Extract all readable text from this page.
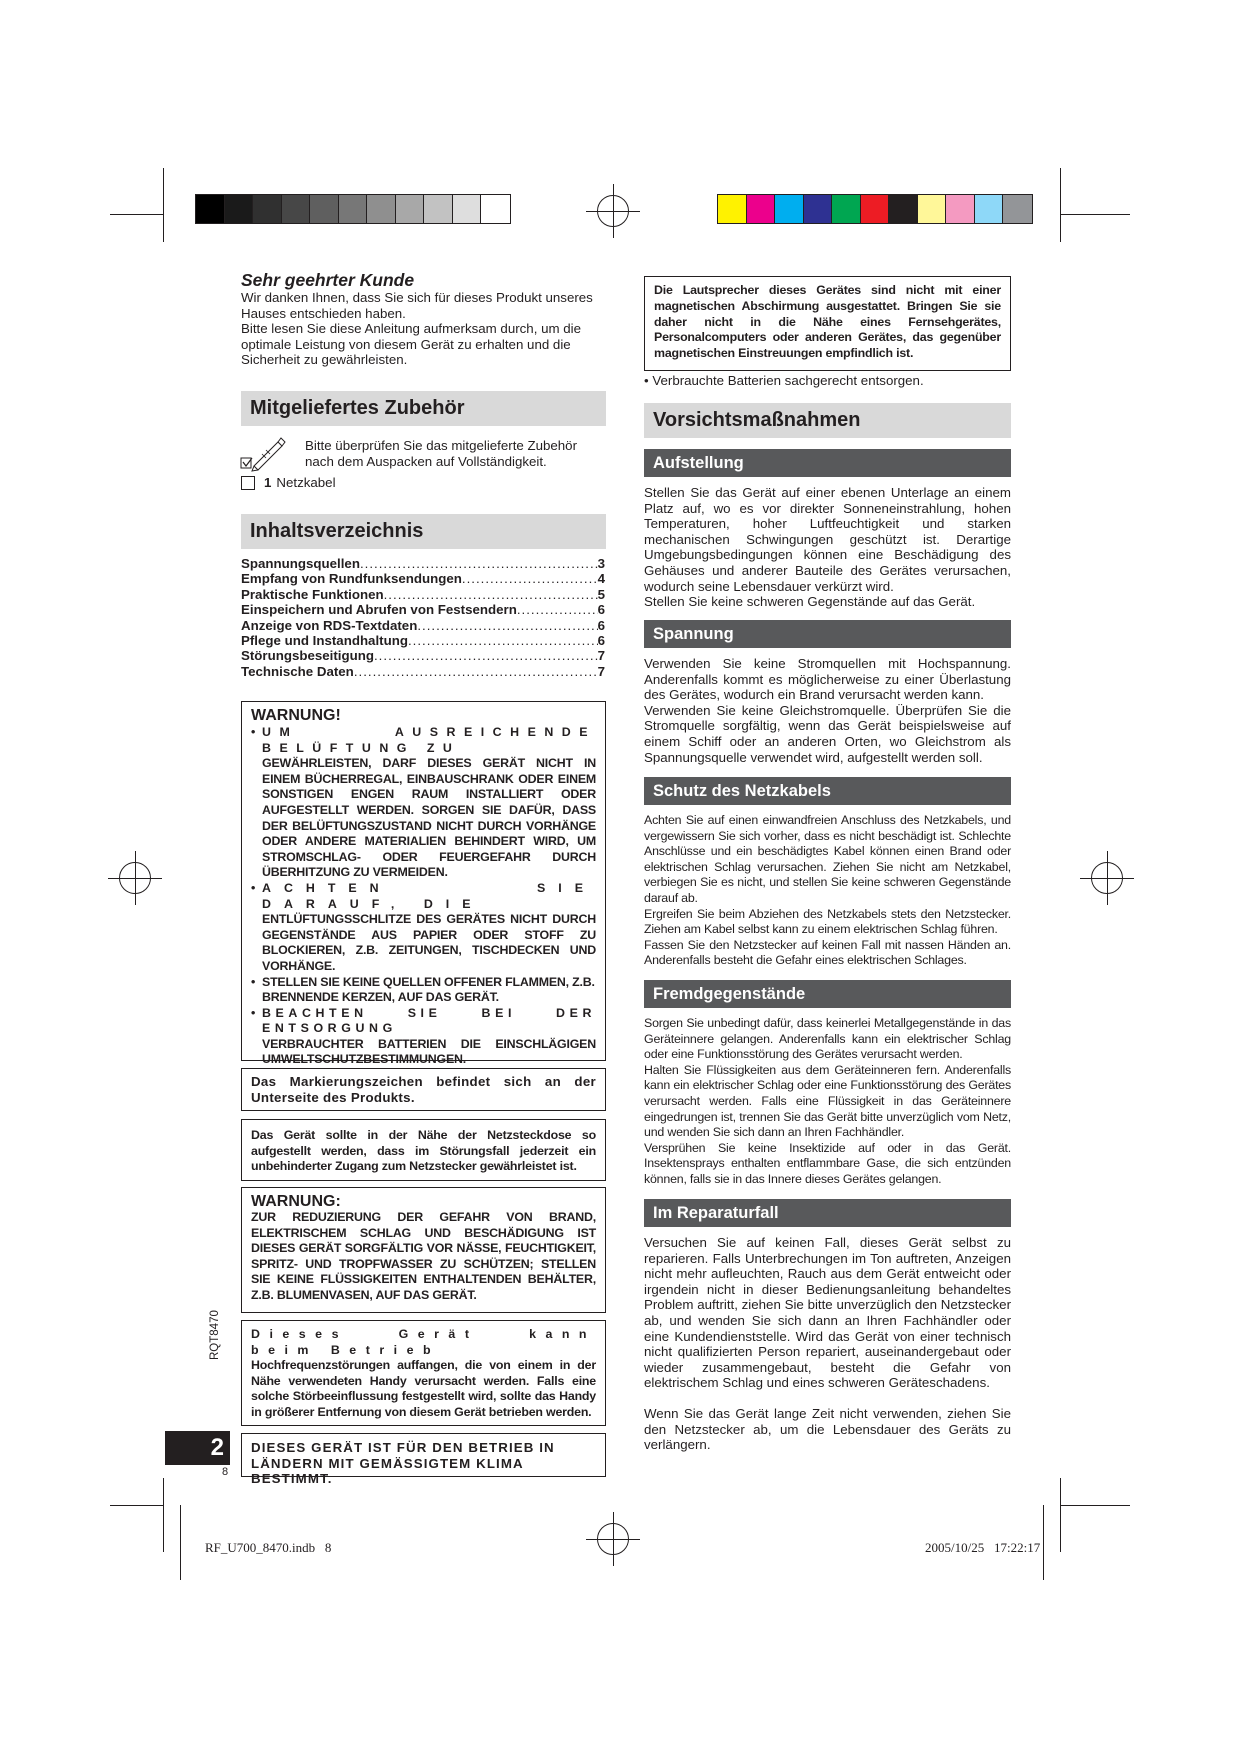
RF_U700_8470.indb   8	2005/10/25   17:22:17
Sehr geehrter Kunde
Wir danken Ihnen, dass Sie sich für dieses Produkt unseres Hauses entschieden haben.
Bitte lesen Sie diese Anleitung aufmerksam durch, um die optimale Leistung von diesem Gerät zu erhalten und die Sicherheit zu gewährleisten.
Mitgeliefertes Zubehör
Bitte überprüfen Sie das mitgelieferte Zubehör nach dem Auspacken auf Vollständigkeit.
1 Netzkabel
Inhaltsverzeichnis
Spannungsquellen .....	3
Empfang von Rundfunksendungen .....	4
Praktische Funktionen .....	5
Einspeichern und Abrufen von Festsendern .....	6
Anzeige von RDS-Textdaten .....	6
Pflege und Instandhaltung .....	6
Störungsbeseitigung .....	7
Technische Daten .....	7
WARNUNG!
• UM AUSREICHENDE BELÜFTUNG ZU
GEWÄHRLEISTEN, DARF DIESES GERÄT NICHT IN EINEM BÜCHERREGAL, EINBAUSCHRANK ODER EINEM SONSTIGEN ENGEN RAUM INSTALLIERT ODER AUFGESTELLT WERDEN. SORGEN SIE DAFÜR, DASS DER BELÜFTUNGSZUSTAND NICHT DURCH VORHÄNGE ODER ANDERE MATERIALIEN BEHINDERT WIRD, UM STROMSCHLAG- ODER FEUERGEFAHR DURCH ÜBERHITZUNG ZU VERMEIDEN.
• ACHTEN SIE DARAUF, DIE
ENTLÜFTUNGSSCHLITZE DES GERÄTES NICHT DURCH GEGENSTÄNDE AUS PAPIER ODER STOFF ZU BLOCKIEREN, Z.B. ZEITUNGEN, TISCHDECKEN UND VORHÄNGE.
• STELLEN SIE KEINE QUELLEN OFFENER FLAMMEN, Z.B. BRENNENDE KERZEN, AUF DAS GERÄT.
• BEACHTEN SIE BEI DER ENTSORGUNG
VERBRAUCHTER BATTERIEN DIE EINSCHLÄGIGEN UMWELTSCHUTZBESTIMMUNGEN.
Das Markierungszeichen befindet sich an der Unterseite des Produkts.
Das Gerät sollte in der Nähe der Netzsteckdose so aufgestellt werden, dass im Störungsfall jederzeit ein unbehinderter Zugang zum Netzstecker gewährleistet ist.
WARNUNG:
ZUR REDUZIERUNG DER GEFAHR VON BRAND, ELEKTRISCHEM SCHLAG UND BESCHÄDIGUNG IST DIESES GERÄT SORGFÄLTIG VOR NÄSSE, FEUCHTIGKEIT, SPRITZ- UND TROPFWASSER ZU SCHÜTZEN; STELLEN SIE KEINE FLÜSSIGKEITEN ENTHALTENDEN BEHÄLTER, Z.B. BLUMENVASEN, AUF DAS GERÄT.
Dieses Gerät kann beim Betrieb
Hochfrequenzstörungen auffangen, die von einem in der Nähe verwendeten Handy verursacht werden. Falls eine solche Störbeeinflussung festgestellt wird, sollte das Handy in größerer Entfernung von diesem Gerät betrieben werden.
DIESES GERÄT IST FÜR DEN BETRIEB IN LÄNDERN MIT GEMÄSSIGTEM KLIMA BESTIMMT.
RQT8470
2
8
Die Lautsprecher dieses Gerätes sind nicht mit einer magnetischen Abschirmung ausgestattet. Bringen Sie sie daher nicht in die Nähe eines Fernsehgerätes, Personalcomputers oder anderen Gerätes, das gegenüber magnetischen Einstreuungen empfindlich ist.
• Verbrauchte Batterien sachgerecht entsorgen.
Vorsichtsmaßnahmen
Aufstellung
Stellen Sie das Gerät auf einer ebenen Unterlage an einem Platz auf, wo es vor direkter Sonneneinstrahlung, hohen Temperaturen, hoher Luftfeuchtigkeit und starken mechanischen Schwingungen geschützt ist. Derartige Umgebungsbedingungen können eine Beschädigung des Gehäuses und anderer Bauteile des Gerätes verursachen, wodurch seine Lebensdauer verkürzt wird.
Stellen Sie keine schweren Gegenstände auf das Gerät.
Spannung
Verwenden Sie keine Stromquellen mit Hochspannung. Anderenfalls kommt es möglicherweise zu einer Überlastung des Gerätes, wodurch ein Brand verursacht werden kann.
Verwenden Sie keine Gleichstromquelle. Überprüfen Sie die Stromquelle sorgfältig, wenn das Gerät beispielsweise auf einem Schiff oder an anderen Orten, wo Gleichstrom als Spannungsquelle verwendet wird, aufgestellt werden soll.
Schutz des Netzkabels
Achten Sie auf einen einwandfreien Anschluss des Netzkabels, und vergewissern Sie sich vorher, dass es nicht beschädigt ist. Schlechte Anschlüsse und ein beschädigtes Kabel können einen Brand oder elektrischen Schlag verursachen. Ziehen Sie nicht am Netzkabel, verbiegen Sie es nicht, und stellen Sie keine schweren Gegenstände darauf ab.
Ergreifen Sie beim Abziehen des Netzkabels stets den Netzstecker. Ziehen am Kabel selbst kann zu einem elektrischen Schlag führen.
Fassen Sie den Netzstecker auf keinen Fall mit nassen Händen an. Anderenfalls besteht die Gefahr eines elektrischen Schlages.
Fremdgegenstände
Sorgen Sie unbedingt dafür, dass keinerlei Metallgegenstände in das Geräteinnere gelangen. Anderenfalls kann ein elektrischer Schlag oder eine Funktionsstörung des Gerätes verursacht werden.
Halten Sie Flüssigkeiten aus dem Geräteinneren fern. Anderenfalls kann ein elektrischer Schlag oder eine Funktionsstörung des Gerätes verursacht werden. Falls eine Flüssigkeit in das Geräteinnere eingedrungen ist, trennen Sie das Gerät bitte unverzüglich vom Netz, und wenden Sie sich dann an Ihren Fachhändler.
Versprühen Sie keine Insektizide auf oder in das Gerät. Insektensprays enthalten entflammbare Gase, die sich entzünden können, falls sie in das Innere dieses Gerätes gelangen.
Im Reparaturfall
Versuchen Sie auf keinen Fall, dieses Gerät selbst zu reparieren. Falls Unterbrechungen im Ton auftreten, Anzeigen nicht mehr aufleuchten, Rauch aus dem Gerät entweicht oder irgendein nicht in dieser Bedienungsanleitung behandeltes Problem auftritt, ziehen Sie bitte unverzüglich den Netzstecker ab, und wenden Sie sich dann an Ihren Fachhändler oder eine Kundendienststelle. Wird das Gerät von einer technisch nicht qualifizierten Person repariert, auseinandergebaut oder wieder zusammengebaut, besteht die Gefahr von elektrischem Schlag und eines schweren Geräteschadens.
Wenn Sie das Gerät lange Zeit nicht verwenden, ziehen Sie den Netzstecker ab, um die Lebensdauer des Geräts zu verlängern.
